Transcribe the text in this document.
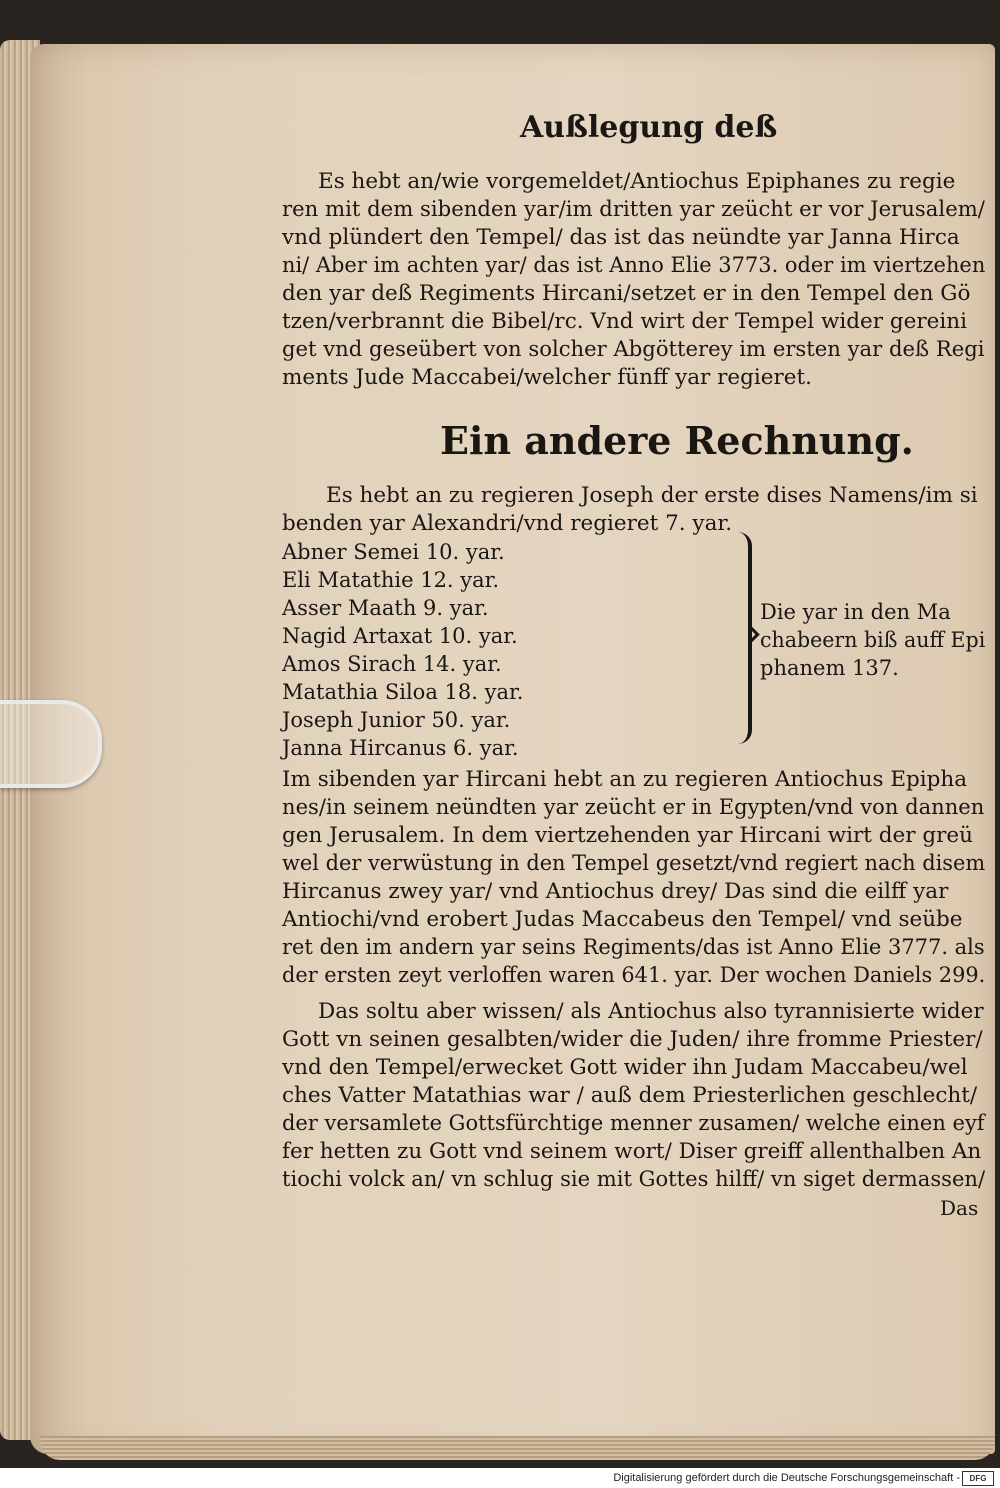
Außlegung deß
Es hebt an/wie vorgemeldet/Antiochus Epiphanes zu regie
ren mit dem sibenden yar/im dritten yar zeücht er vor Jerusalem/
vnd plündert den Tempel/ das ist das neündte yar Janna Hirca
ni/ Aber im achten yar/ das ist Anno Elie 3773. oder im viertzehen
den yar deß Regiments Hircani/setzet er in den Tempel den Gö
tzen/verbrannt die Bibel/rc. Vnd wirt der Tempel wider gereini
get vnd geseübert von solcher Abgötterey im ersten yar deß Regi
ments Jude Maccabei/welcher fünff yar regieret.
Ein andere Rechnung.
Es hebt an zu regieren Joseph der erste dises Namens/im si
benden yar Alexandri/vnd regieret 7. yar.
Abner Semei 10. yar.
Eli Matathie 12. yar.
Asser Maath 9. yar.
Nagid Artaxat 10. yar.
Amos Sirach 14. yar.
Matathia Siloa 18. yar.
Joseph Junior 50. yar.
Janna Hircanus 6. yar.
Die yar in den Ma
chabeern biß auff Epi
phanem 137.
Im sibenden yar Hircani hebt an zu regieren Antiochus Epipha
nes/in seinem neündten yar zeücht er in Egypten/vnd von dannen
gen Jerusalem. In dem viertzehenden yar Hircani wirt der greü
wel der verwüstung in den Tempel gesetzt/vnd regiert nach disem
Hircanus zwey yar/ vnd Antiochus drey/ Das sind die eilff yar
Antiochi/vnd erobert Judas Maccabeus den Tempel/ vnd seübe
ret den im andern yar seins Regiments/das ist Anno Elie 3777. als
der ersten zeyt verloffen waren 641. yar. Der wochen Daniels 299.
Das soltu aber wissen/ als Antiochus also tyrannisierte wider
Gott vn seinen gesalbten/wider die Juden/ ihre fromme Priester/
vnd den Tempel/erwecket Gott wider ihn Judam Maccabeu/wel
ches Vatter Matathias war / auß dem Priesterlichen geschlecht/
der versamlete Gottsfürchtige menner zusamen/ welche einen eyf
fer hetten zu Gott vnd seinem wort/ Diser greiff allenthalben An
tiochi volck an/ vn schlug sie mit Gottes hilff/ vn siget dermassen/
Das
Digitalisierung gefördert durch die Deutsche Forschungsgemeinschaft -	DFG
